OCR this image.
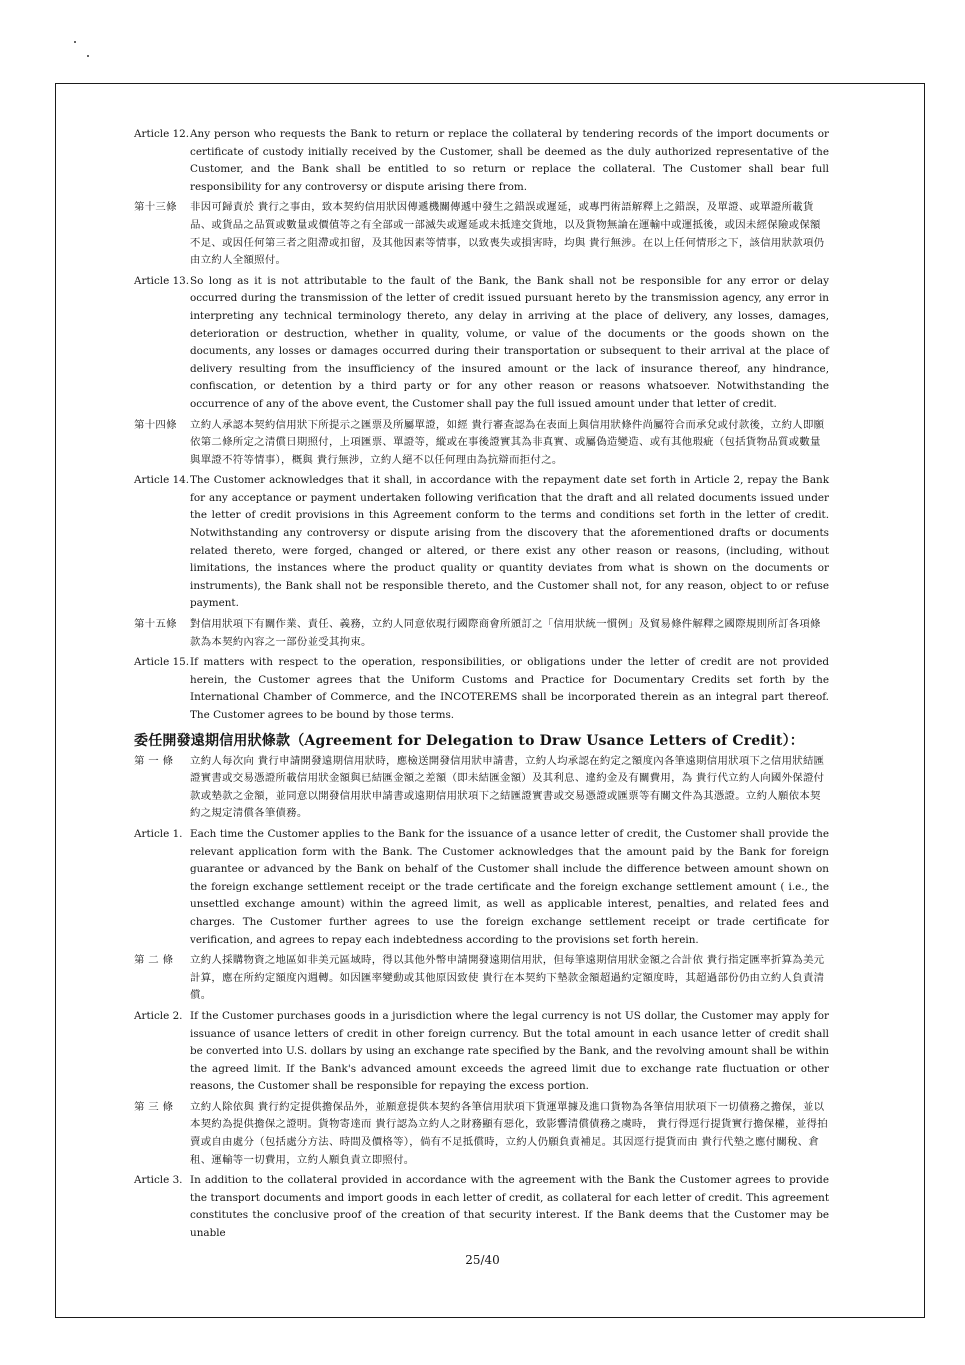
Article 12. Any person who requests the Bank to return or replace the collateral by tendering records of the import documents or certificate of custody initially received by the Customer, shall be deemed as the duly authorized representative of the Customer, and the Bank shall be entitled to so return or replace the collateral. The Customer shall bear full responsibility for any controversy or dispute arising there from.
第十三條 非因可歸責於 貴行之事由，致本契約信用狀因傳遞機關傳遞中發生之錯誤或遲延，或專門術語解釋上之錯誤，及單證、或單證所載貨品、或貨品之品質或數量或價值等之有全部或一部滅失或遲延或未抵達交貨地，以及貨物無論在運輸中或運抵後，或因未經保險或保額不足、或因任何第三者之阻滯或扣留，及其他因素等情事，以致喪失或損害時，均與 貴行無涉。在以上任何情形之下，該信用狀款項仍由立約人全額照付。
Article 13. So long as it is not attributable to the fault of the Bank, the Bank shall not be responsible for any error or delay occurred during the transmission of the letter of credit issued pursuant hereto by the transmission agency, any error in interpreting any technical terminology thereto, any delay in arriving at the place of delivery, any losses, damages, deterioration or destruction, whether in quality, volume, or value of the documents or the goods shown on the documents, any losses or damages occurred during their transportation or subsequent to their arrival at the place of delivery resulting from the insufficiency of the insured amount or the lack of insurance thereof, any hindrance, confiscation, or detention by a third party or for any other reason or reasons whatsoever. Notwithstanding the occurrence of any of the above event, the Customer shall pay the full issued amount under that letter of credit.
第十四條 立約人承認本契約信用狀下所提示之匯票及所屬單證，如經 貴行審查認為在表面上與信用狀條件尚屬符合而承兌或付款後，立約人即願依第二條所定之清償日期照付，上項匯票、單證等，縱或在事後證實其為非真實、或屬偽造變造、或有其他瑕疵（包括貨物品質或數量與單證不符等情事），概與 貴行無涉，立約人絕不以任何理由為抗辯而拒付之。
Article 14. The Customer acknowledges that it shall, in accordance with the repayment date set forth in Article 2, repay the Bank for any acceptance or payment undertaken following verification that the draft and all related documents issued under the letter of credit provisions in this Agreement conform to the terms and conditions set forth in the letter of credit. Notwithstanding any controversy or dispute arising from the discovery that the aforementioned drafts or documents related thereto, were forged, changed or altered, or there exist any other reason or reasons, (including, without limitations, the instances where the product quality or quantity deviates from what is shown on the documents or instruments), the Bank shall not be responsible thereto, and the Customer shall not, for any reason, object to or refuse payment.
第十五條 對信用狀項下有關作業、責任、義務，立約人同意依現行國際商會所頒訂之「信用狀統一慣例」及貿易條件解釋之國際規則所訂各項條款為本契約內容之一部份並受其拘束。
Article 15. If matters with respect to the operation, responsibilities, or obligations under the letter of credit are not provided herein, the Customer agrees that the Uniform Customs and Practice for Documentary Credits set forth by the International Chamber of Commerce, and the INCOTEREMS shall be incorporated therein as an integral part thereof. The Customer agrees to be bound by those terms.
委任開發遠期信用狀條款（Agreement for Delegation to Draw Usance Letters of Credit）：
第 一 條 立約人每次向 貴行申請開發遠期信用狀時，應檢送開發信用狀申請書，立約人均承認在約定之額度內各筆遠期信用狀項下之信用狀結匯證實書或交易憑證所載信用狀金額與已結匯金額之差額（即未結匯金額）及其利息、違約金及有關費用，為 貴行代立約人向國外保證付款或墊款之金額，並同意以開發信用狀申請書或遠期信用狀項下之結匯證實書或交易憑證或匯票等有關文件為其憑證。立約人願依本契約之規定清償各筆債務。
Article 1. Each time the Customer applies to the Bank for the issuance of a usance letter of credit, the Customer shall provide the relevant application form with the Bank. The Customer acknowledges that the amount paid by the Bank for foreign guarantee or advanced by the Bank on behalf of the Customer shall include the difference between amount shown on the foreign exchange settlement receipt or the trade certificate and the foreign exchange settlement amount ( i.e., the unsettled exchange amount) within the agreed limit, as well as applicable interest, penalties, and related fees and charges. The Customer further agrees to use the foreign exchange settlement receipt or trade certificate for verification, and agrees to repay each indebtedness according to the provisions set forth herein.
第 二 條 立約人採購物資之地區如非美元區域時，得以其他外幣申請開發遠期信用狀，但每筆遠期信用狀金額之合計依 貴行指定匯率折算為美元計算，應在所約定額度內週轉。如因匯率變動或其他原因致使 貴行在本契約下墊款金額超過約定額度時，其超過部份仍由立約人負責清償。
Article 2. If the Customer purchases goods in a jurisdiction where the legal currency is not US dollar, the Customer may apply for issuance of usance letters of credit in other foreign currency. But the total amount in each usance letter of credit shall be converted into U.S. dollars by using an exchange rate specified by the Bank, and the revolving amount shall be within the agreed limit. If the Bank's advanced amount exceeds the agreed limit due to exchange rate fluctuation or other reasons, the Customer shall be responsible for repaying the excess portion.
第 三 條 立約人除依與 貴行約定提供擔保品外，並願意提供本契約各筆信用狀項下貨運單據及進口貨物為各筆信用狀項下一切債務之擔保，並以本契約為提供擔保之證明。貨物寄達而 貴行認為立約人之財務顯有惡化，致影響清償債務之虞時， 貴行得逕行提貨實行擔保權，並得拍賣或自由處分（包括處分方法、時間及價格等），倘有不足抵償時，立約人仍願負責補足。其因逕行提貨而由 貴行代墊之應付關稅、倉租、運輸等一切費用，立約人願負責立即照付。
Article 3. In addition to the collateral provided in accordance with the agreement with the Bank the Customer agrees to provide the transport documents and import goods in each letter of credit, as collateral for each letter of credit. This agreement constitutes the conclusive proof of the creation of that security interest. If the Bank deems that the Customer may be unable
25/40
